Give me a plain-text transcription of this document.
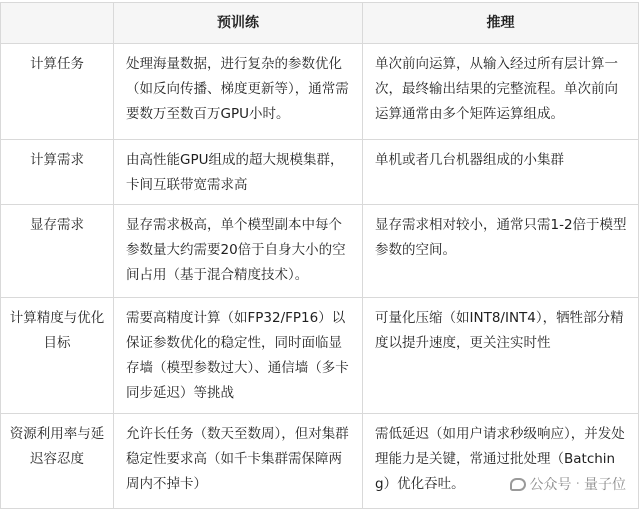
	预训练	推理
计算任务	处理海量数据，进行复杂的参数优化（如反向传播、梯度更新等），通常需要数万至数百万GPU小时。	单次前向运算，从输入经过所有层计算一次，最终输出结果的完整流程。单次前向运算通常由多个矩阵运算组成。
计算需求	由高性能GPU组成的超大规模集群，卡间互联带宽需求高	单机或者几台机器组成的小集群
显存需求	显存需求极高，单个模型副本中每个参数量大约需要20倍于自身大小的空间占用（基于混合精度技术）。	显存需求相对较小，通常只需1-2倍于模型参数的空间。
计算精度与优化目标	需要高精度计算（如FP32/FP16）以保证参数优化的稳定性，同时面临显存墙（模型参数过大）、通信墙（多卡同步延迟）等挑战	可量化压缩（如INT8/INT4），牺牲部分精度以提升速度，更关注实时性
资源利用率与延迟容忍度	允许长任务（数天至数周），但对集群稳定性要求高（如千卡集群需保障两周内不掉卡）	需低延迟（如用户请求秒级响应），并发处理能力是关键，常通过批处理（Batching）优化吞吐。	公众号 · 量子位
